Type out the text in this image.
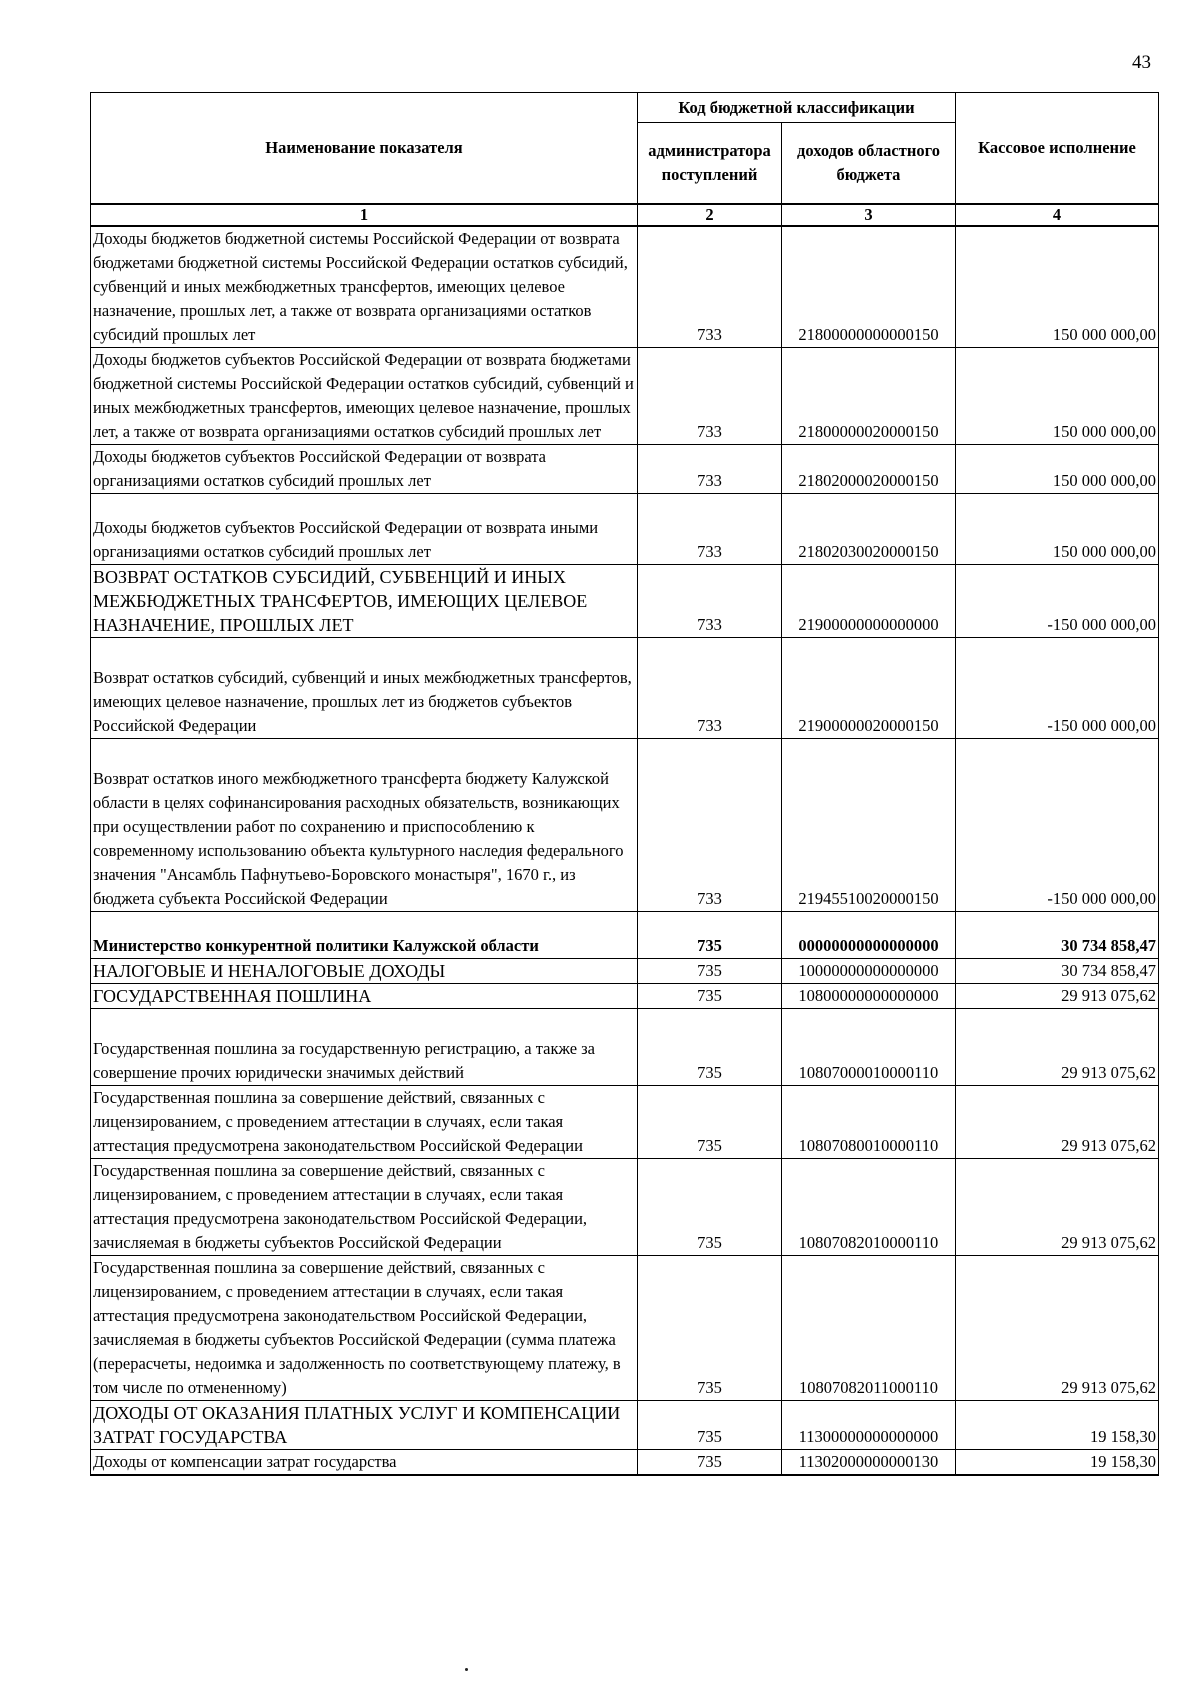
43
Наименование показателя	Код бюджетной классификации		Кассовое исполнение
	администратора поступлений	доходов областного бюджета	
1	2	3	4
Доходы бюджетов бюджетной системы Российской Федерации от возврата бюджетами бюджетной системы Российской Федерации остатков субсидий, субвенций и иных межбюджетных трансфертов, имеющих целевое назначение, прошлых лет, а также от возврата организациями остатков субсидий прошлых лет	733	21800000000000150	150 000 000,00
Доходы бюджетов субъектов Российской Федерации от возврата бюджетами бюджетной системы Российской Федерации остатков субсидий, субвенций и иных межбюджетных трансфертов, имеющих целевое назначение, прошлых лет, а также от возврата организациями остатков субсидий прошлых лет	733	21800000020000150	150 000 000,00
Доходы бюджетов субъектов Российской Федерации от возврата организациями остатков субсидий прошлых лет	733	21802000020000150	150 000 000,00
Доходы бюджетов субъектов Российской Федерации от возврата иными организациями остатков субсидий прошлых лет	733	21802030020000150	150 000 000,00
ВОЗВРАТ ОСТАТКОВ СУБСИДИЙ, СУБВЕНЦИЙ И ИНЫХ МЕЖБЮДЖЕТНЫХ ТРАНСФЕРТОВ, ИМЕЮЩИХ ЦЕЛЕВОЕ НАЗНАЧЕНИЕ, ПРОШЛЫХ ЛЕТ	733	21900000000000000	-150 000 000,00
Возврат остатков субсидий, субвенций и иных межбюджетных трансфертов, имеющих целевое назначение, прошлых лет из бюджетов субъектов Российской Федерации	733	21900000020000150	-150 000 000,00
Возврат остатков иного межбюджетного трансферта бюджету Калужской области в целях софинансирования расходных обязательств, возникающих при осуществлении работ по сохранению и приспособлению к современному использованию объекта культурного наследия федерального значения "Ансамбль Пафнутьево-Боровского монастыря", 1670 г., из бюджета субъекта Российской Федерации	733	21945510020000150	-150 000 000,00
Министерство конкурентной политики Калужской области	735	00000000000000000	30 734 858,47
НАЛОГОВЫЕ И НЕНАЛОГОВЫЕ ДОХОДЫ	735	10000000000000000	30 734 858,47
ГОСУДАРСТВЕННАЯ ПОШЛИНА	735	10800000000000000	29 913 075,62
Государственная пошлина за государственную регистрацию, а также за совершение прочих юридически значимых действий	735	10807000010000110	29 913 075,62
Государственная пошлина за совершение действий, связанных с лицензированием, с проведением аттестации в случаях, если такая аттестация предусмотрена законодательством Российской Федерации	735	10807080010000110	29 913 075,62
Государственная пошлина за совершение действий, связанных с лицензированием, с проведением аттестации в случаях, если такая аттестация предусмотрена законодательством Российской Федерации, зачисляемая в бюджеты субъектов Российской Федерации	735	10807082010000110	29 913 075,62
Государственная пошлина за совершение действий, связанных с лицензированием, с проведением аттестации в случаях, если такая аттестация предусмотрена законодательством Российской Федерации, зачисляемая в бюджеты субъектов Российской Федерации (сумма платежа (перерасчеты, недоимка и задолженность по соответствующему платежу, в том числе по отмененному)	735	10807082011000110	29 913 075,62
ДОХОДЫ ОТ ОКАЗАНИЯ ПЛАТНЫХ УСЛУГ И КОМПЕНСАЦИИ ЗАТРАТ ГОСУДАРСТВА	735	11300000000000000	19 158,30
Доходы от компенсации затрат государства	735	11302000000000130	19 158,30
